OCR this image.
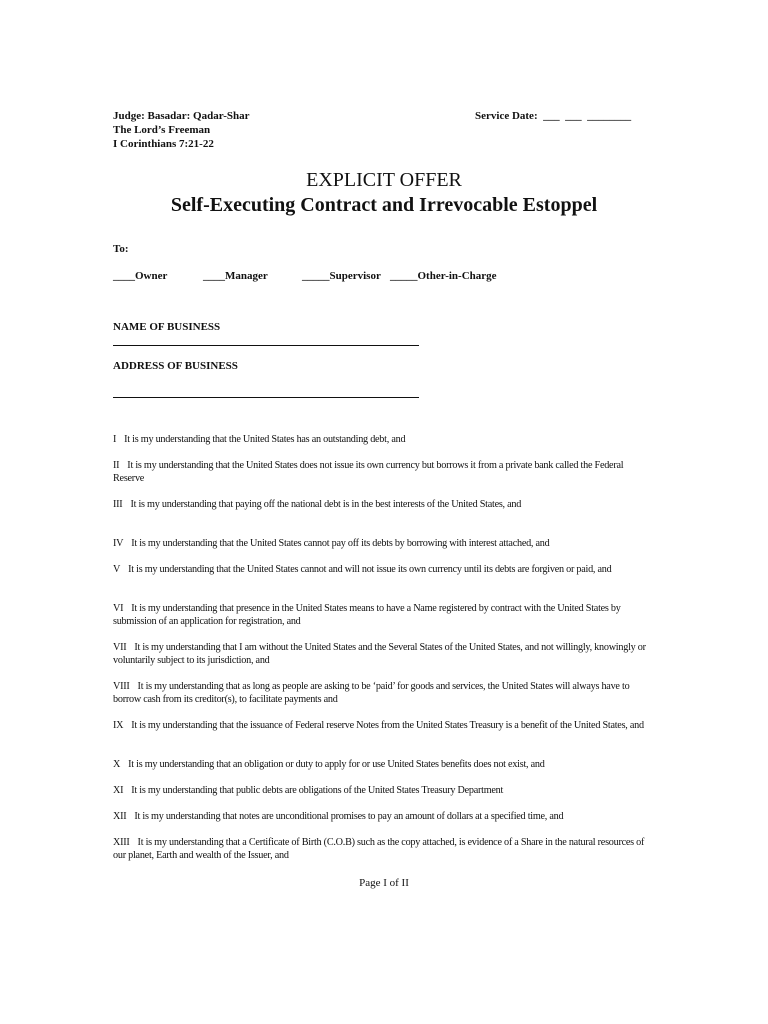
Judge: Basadar: Qadar-Shar
The Lord’s Freeman
I Corinthians 7:21-22
Service Date:  ___  ___  ________
EXPLICIT OFFER
Self-Executing Contract and Irrevocable Estoppel
To:

____Owner

	____Manager

	_____Supervisor

_____Other-in-Charge

NAME OF BUSINESS
ADDRESS OF BUSINESS
I It is my understanding that the United States has an outstanding debt, and
II It is my understanding that the United States does not issue its own currency but borrows it from a private bank called the Federal Reserve
III It is my understanding that paying off the national debt is in the best interests of the United States, and
IV It is my understanding that the United States cannot pay off its debts by borrowing with interest attached, and
V It is my understanding that the United States cannot and will not issue its own currency until its debts are forgiven or paid, and
VI It is my understanding that presence in the United States means to have a Name registered by contract with the United States by submission of an application for registration, and
VII It is my understanding that I am without the United States and the Several States of the United States, and not willingly, knowingly or voluntarily subject to its jurisdiction, and
VIII It is my understanding that as long as people are asking to be ‘paid’ for goods and services, the United States will always have to borrow cash from its creditor(s), to facilitate payments and
IX It is my understanding that the issuance of Federal reserve Notes from the United States Treasury is a benefit of the United States, and
X It is my understanding that an obligation or duty to apply for or use United States benefits does not exist, and
XI It is my understanding that public debts are obligations of the United States Treasury Department
XII It is my understanding that notes are unconditional promises to pay an amount of dollars at a specified time, and
XIII It is my understanding that a Certificate of Birth (C.O.B) such as the copy attached, is evidence of a Share in the natural resources of our planet, Earth and wealth of the Issuer, and
Page I of II
